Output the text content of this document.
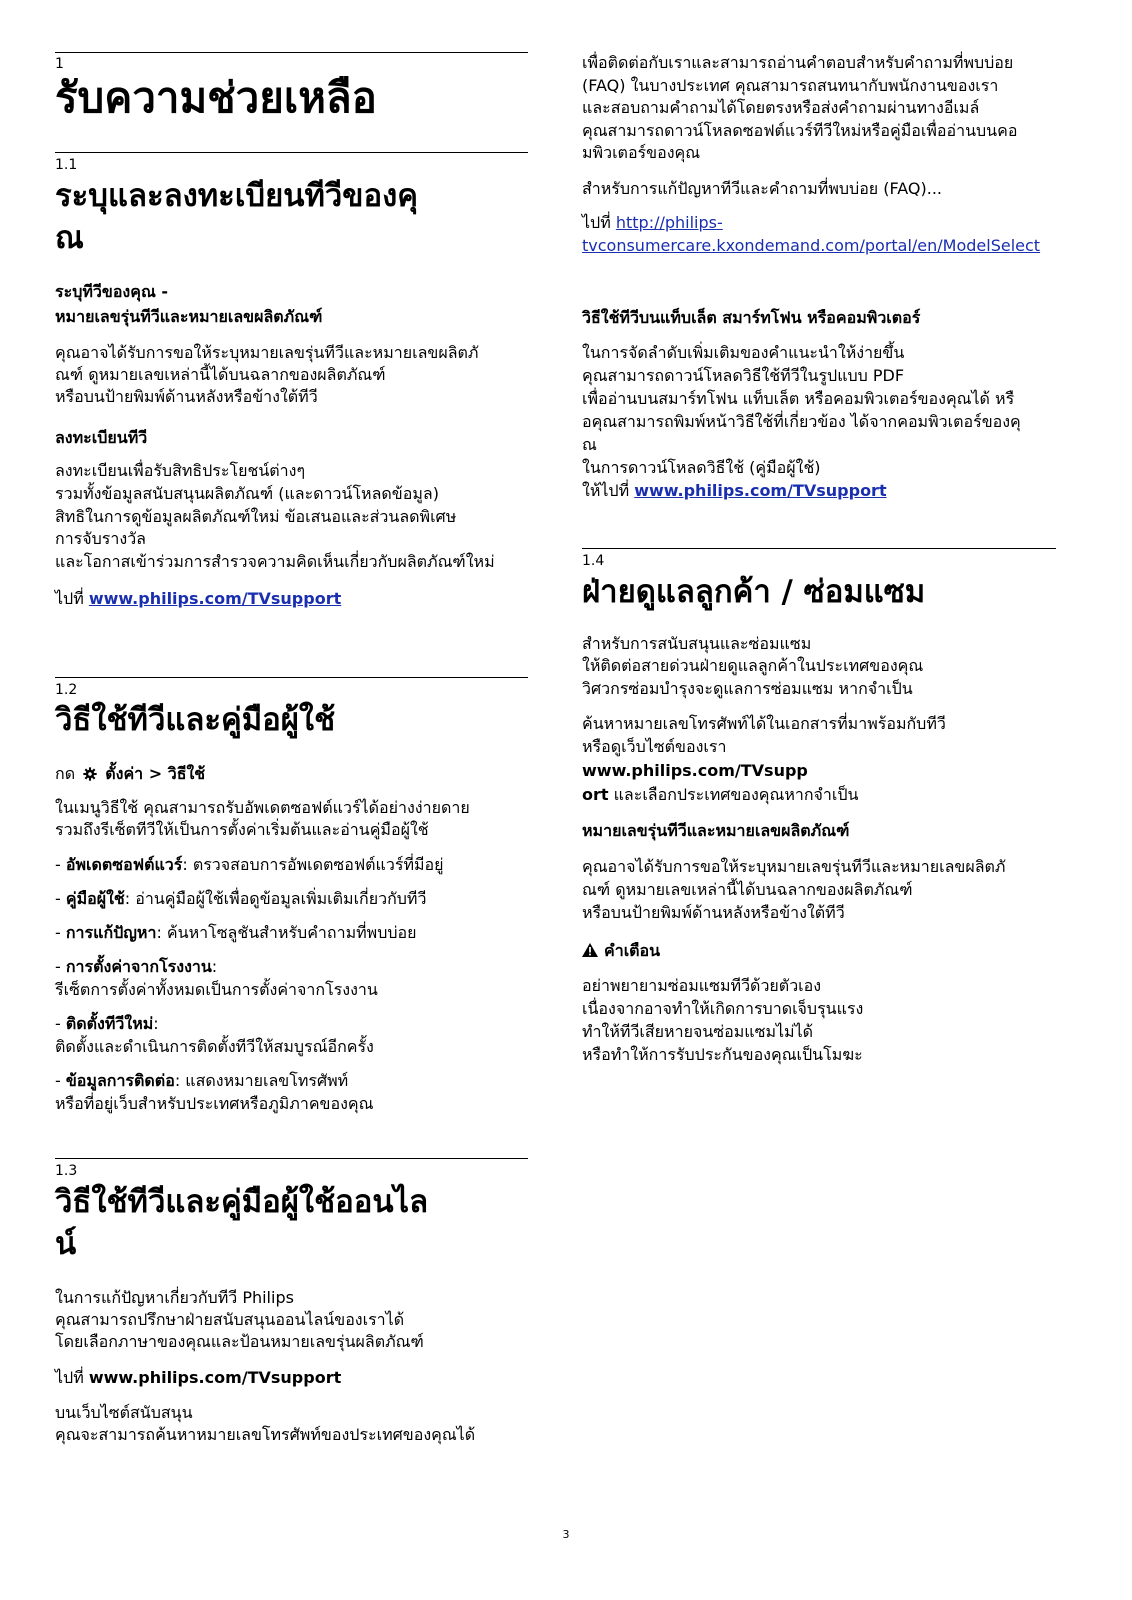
1
รับความช่วยเหลือ
1.1
ระบุและลงทะเบียนทีวีของคุ
ณ
ระบุทีวีของคุณ -
หมายเลขรุ่นทีวีและหมายเลขผลิตภัณฑ์
คุณอาจได้รับการขอให้ระบุหมายเลขรุ่นทีวีและหมายเลขผลิตภั
ณฑ์ ดูหมายเลขเหล่านี้ได้บนฉลากของผลิตภัณฑ์
หรือบนป้ายพิมพ์ด้านหลังหรือข้างใต้ทีวี
ลงทะเบียนทีวี
ลงทะเบียนเพื่อรับสิทธิประโยชน์ต่างๆ
รวมทั้งข้อมูลสนับสนุนผลิตภัณฑ์ (และดาวน์โหลดข้อมูล)
สิทธิในการดูข้อมูลผลิตภัณฑ์ใหม่ ข้อเสนอและส่วนลดพิเศษ
การจับรางวัล
และโอกาสเข้าร่วมการสำรวจความคิดเห็นเกี่ยวกับผลิตภัณฑ์ใหม่
ไปที่ www.philips.com/TVsupport
1.2
วิธีใช้ทีวีและคู่มือผู้ใช้
กด ตั้งค่า > วิธีใช้
ในเมนูวิธีใช้ คุณสามารถรับอัพเดตซอฟต์แวร์ได้อย่างง่ายดาย
รวมถึงรีเซ็ตทีวีให้เป็นการตั้งค่าเริ่มต้นและอ่านคู่มือผู้ใช้
- อัพเดตซอฟต์แวร์: ตรวจสอบการอัพเดตซอฟต์แวร์ที่มีอยู่
- คู่มือผู้ใช้: อ่านคู่มือผู้ใช้เพื่อดูข้อมูลเพิ่มเติมเกี่ยวกับทีวี
- การแก้ปัญหา: ค้นหาโซลูชันสำหรับคำถามที่พบบ่อย
- การตั้งค่าจากโรงงาน:
รีเซ็ตการตั้งค่าทั้งหมดเป็นการตั้งค่าจากโรงงาน
- ติดตั้งทีวีใหม่:
ติดตั้งและดำเนินการติดตั้งทีวีให้สมบูรณ์อีกครั้ง
- ข้อมูลการติดต่อ: แสดงหมายเลขโทรศัพท์
หรือที่อยู่เว็บสำหรับประเทศหรือภูมิภาคของคุณ
1.3
วิธีใช้ทีวีและคู่มือผู้ใช้ออนไล
น์
ในการแก้ปัญหาเกี่ยวกับทีวี Philips
คุณสามารถปรึกษาฝ่ายสนับสนุนออนไลน์ของเราได้
โดยเลือกภาษาของคุณและป้อนหมายเลขรุ่นผลิตภัณฑ์
ไปที่ www.philips.com/TVsupport
บนเว็บไซต์สนับสนุน
คุณจะสามารถค้นหาหมายเลขโทรศัพท์ของประเทศของคุณได้
เพื่อติดต่อกับเราและสามารถอ่านคำตอบสำหรับคำถามที่พบบ่อย
(FAQ) ในบางประเทศ คุณสามารถสนทนากับพนักงานของเรา
และสอบถามคำถามได้โดยตรงหรือส่งคำถามผ่านทางอีเมล์
คุณสามารถดาวน์โหลดซอฟต์แวร์ทีวีใหม่หรือคู่มือเพื่ออ่านบนคอ
มพิวเตอร์ของคุณ
สำหรับการแก้ปัญหาทีวีและคำถามที่พบบ่อย (FAQ)...
ไปที่ http://philips-
tvconsumercare.kxondemand.com/portal/en/ModelSelect
วิธีใช้ทีวีบนแท็บเล็ต สมาร์ทโฟน หรือคอมพิวเตอร์
ในการจัดลำดับเพิ่มเติมของคำแนะนำให้ง่ายขึ้น
คุณสามารถดาวน์โหลดวิธีใช้ทีวีในรูปแบบ PDF
เพื่ออ่านบนสมาร์ทโฟน แท็บเล็ต หรือคอมพิวเตอร์ของคุณได้ หรื
อคุณสามารถพิมพ์หน้าวิธีใช้ที่เกี่ยวข้อง ได้จากคอมพิวเตอร์ของคุ
ณ
ในการดาวน์โหลดวิธีใช้ (คู่มือผู้ใช้)
ให้ไปที่ www.philips.com/TVsupport
1.4
ฝ่ายดูแลลูกค้า / ซ่อมแซม
สำหรับการสนับสนุนและซ่อมแซม
ให้ติดต่อสายด่วนฝ่ายดูแลลูกค้าในประเทศของคุณ
วิศวกรซ่อมบำรุงจะดูแลการซ่อมแซม หากจำเป็น
ค้นหาหมายเลขโทรศัพท์ได้ในเอกสารที่มาพร้อมกับทีวี
หรือดูเว็บไซต์ของเรา
www.philips.com/TVsupp
ort และเลือกประเทศของคุณหากจำเป็น
หมายเลขรุ่นทีวีและหมายเลขผลิตภัณฑ์
คุณอาจได้รับการขอให้ระบุหมายเลขรุ่นทีวีและหมายเลขผลิตภั
ณฑ์ ดูหมายเลขเหล่านี้ได้บนฉลากของผลิตภัณฑ์
หรือบนป้ายพิมพ์ด้านหลังหรือข้างใต้ทีวี
คำเตือน
อย่าพยายามซ่อมแซมทีวีด้วยตัวเอง
เนื่องจากอาจทำให้เกิดการบาดเจ็บรุนแรง
ทำให้ทีวีเสียหายจนซ่อมแซมไม่ได้
หรือทำให้การรับประกันของคุณเป็นโมฆะ
3
